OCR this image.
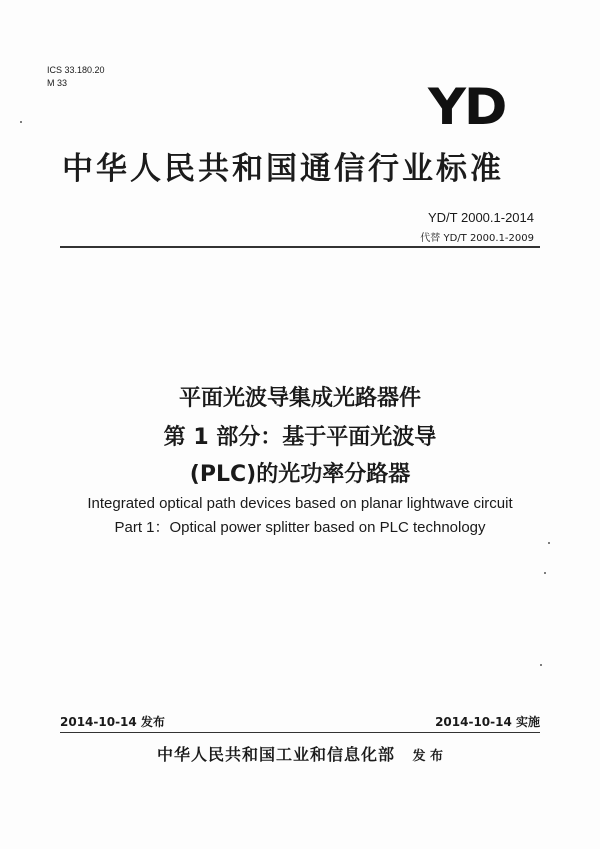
ICS 33.180.20
M 33	YD
中华人民共和国通信行业标准
YD/T 2000.1-2014
代替 YD/T 2000.1-2009
平面光波导集成光路器件
第 1 部分：基于平面光波导
(PLC)的光功率分路器
Integrated optical path devices based on planar lightwave circuit
Part 1：Optical power splitter based on PLC technology
2014-10-14 发布	2014-10-14 实施
中华人民共和国工业和信息化部 发 布
